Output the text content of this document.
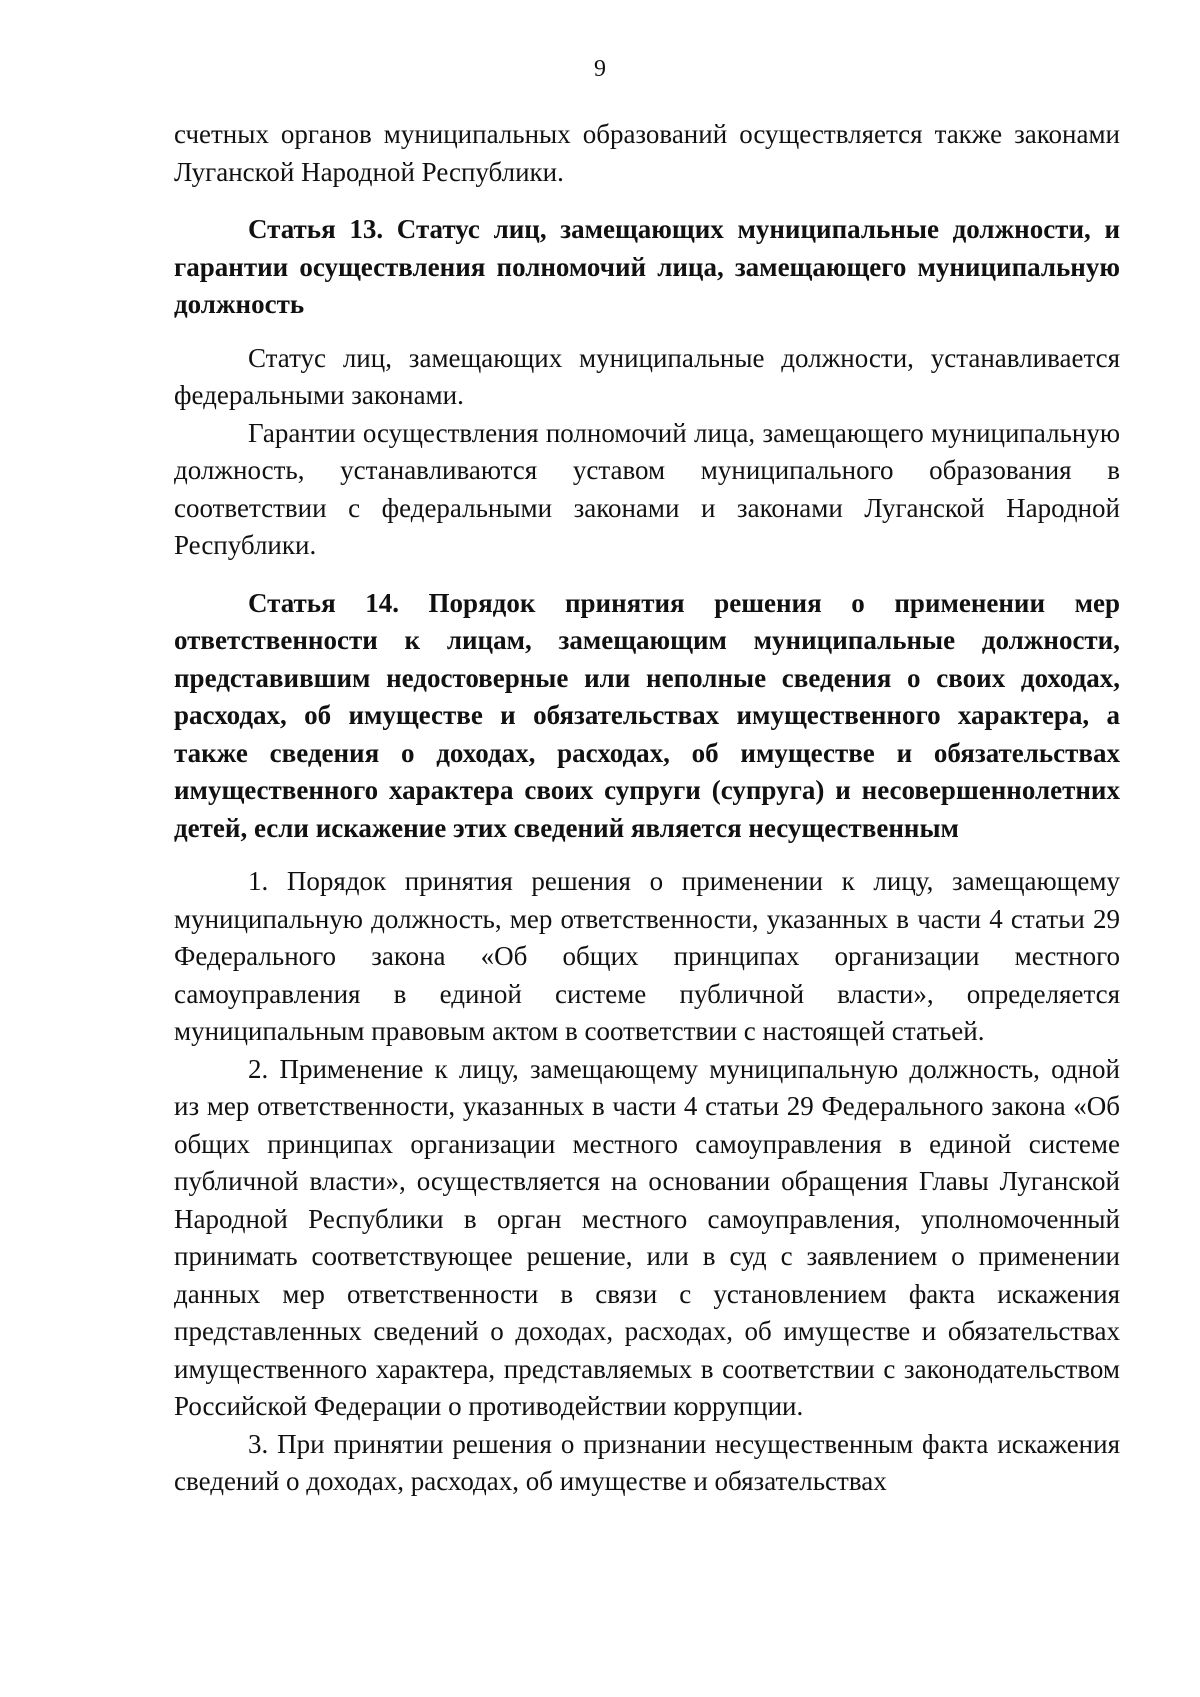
9

счетных органов муниципальных образований осуществляется также законами Луганской Народной Республики.

Статья 13. Статус лиц, замещающих муниципальные должности, и гарантии осуществления полномочий лица, замещающего муниципальную должность

Статус лиц, замещающих муниципальные должности, устанавливается федеральными законами.

Гарантии осуществления полномочий лица, замещающего муниципальную должность, устанавливаются уставом муниципального образования в соответствии с федеральными законами и законами Луганской Народной Республики.

Статья 14. Порядок принятия решения о применении мер ответственности к лицам, замещающим муниципальные должности, представившим недостоверные или неполные сведения о своих доходах, расходах, об имуществе и обязательствах имущественного характера, а также сведения о доходах, расходах, об имуществе и обязательствах имущественного характера своих супруги (супруга) и несовершеннолетних детей, если искажение этих сведений является несущественным

1. Порядок принятия решения о применении к лицу, замещающему муниципальную должность, мер ответственности, указанных в части 4 статьи 29 Федерального закона «Об общих принципах организации местного самоуправления в единой системе публичной власти», определяется муниципальным правовым актом в соответствии с настоящей статьей.

2. Применение к лицу, замещающему муниципальную должность, одной из мер ответственности, указанных в части 4 статьи 29 Федерального закона «Об общих принципах организации местного самоуправления в единой системе публичной власти», осуществляется на основании обращения Главы Луганской Народной Республики в орган местного самоуправления, уполномоченный принимать соответствующее решение, или в суд с заявлением о применении данных мер ответственности в связи с установлением факта искажения представленных сведений о доходах, расходах, об имуществе и обязательствах имущественного характера, представляемых в соответствии с законодательством Российской Федерации о противодействии коррупции.

3. При принятии решения о признании несущественным факта искажения сведений о доходах, расходах, об имуществе и обязательствах
